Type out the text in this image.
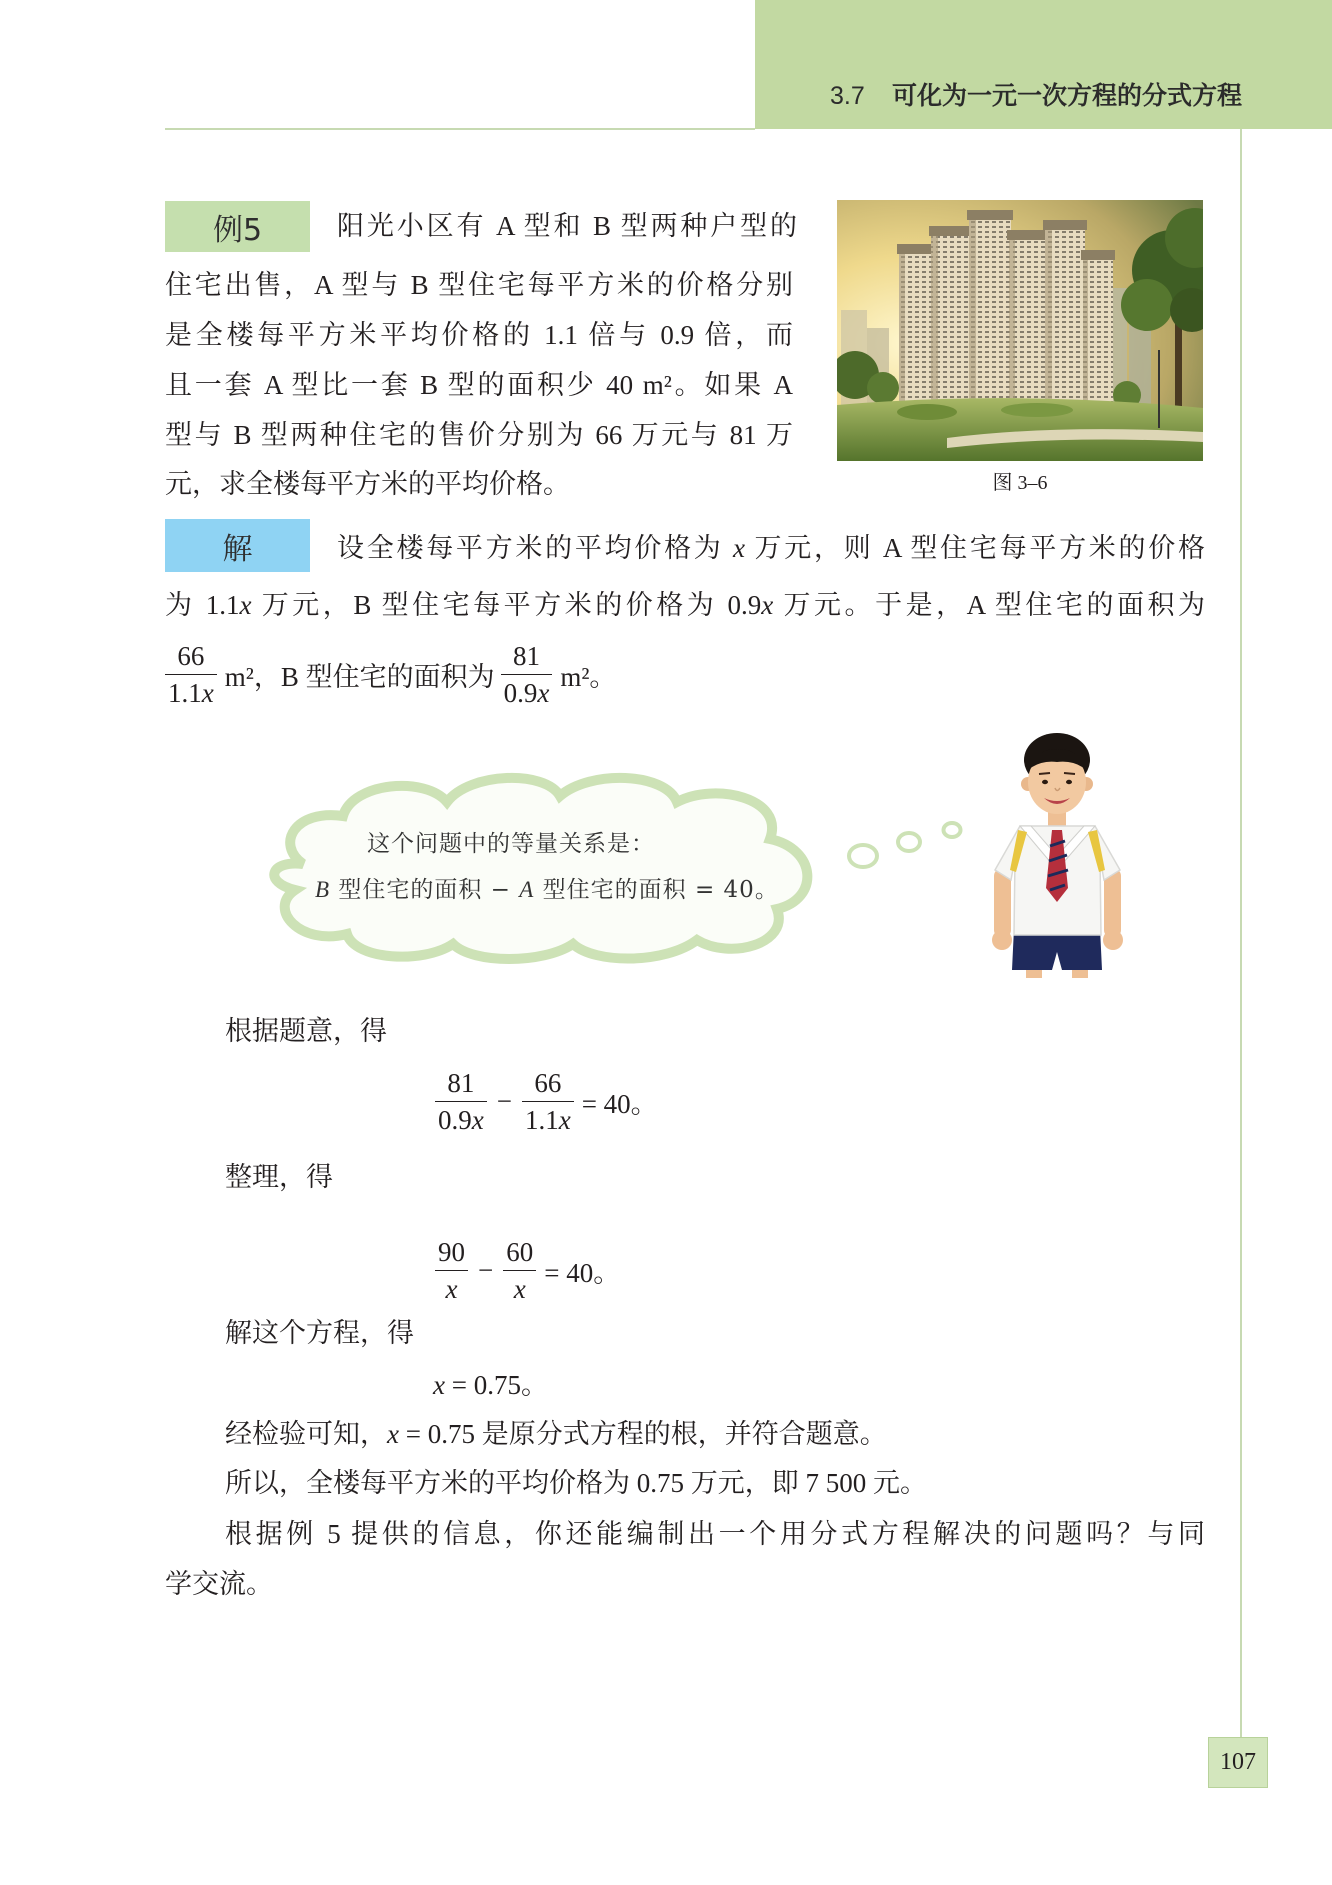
3.7 可化为一元一次方程的分式方程
例5	阳光小区有 A 型和 B 型两种户型的
住宅出售，A 型与 B 型住宅每平方米的价格分别
是全楼每平方米平均价格的 1.1 倍与 0.9 倍，而
且一套 A 型比一套 B 型的面积少 40 m²。如果 A
型与 B 型两种住宅的售价分别为 66 万元与 81 万
元，求全楼每平方米的平均价格。	图 3–6
解	设全楼每平方米的平均价格为 x 万元，则 A 型住宅每平方米的价格
为 1.1x 万元，B 型住宅每平方米的价格为 0.9x 万元。于是，A 型住宅的面积为
$\frac{66}{1.1x} m^2$，B 型住宅的面积为 $\frac{81}{0.9x} m^2$。
这个问题中的等量关系是：
B 型住宅的面积 − A 型住宅的面积 = 40。
根据题意，得
$\frac{81}{0.9x} - \frac{66}{1.1x} = 40$。
整理，得
$\frac{90}{x} - \frac{60}{x} = 40$。
解这个方程，得
x = 0.75。
经检验可知，x = 0.75 是原分式方程的根，并符合题意。
所以，全楼每平方米的平均价格为 0.75 万元，即 7 500 元。
根据例 5 提供的信息，你还能编制出一个用分式方程解决的问题吗？与同
学交流。
107
